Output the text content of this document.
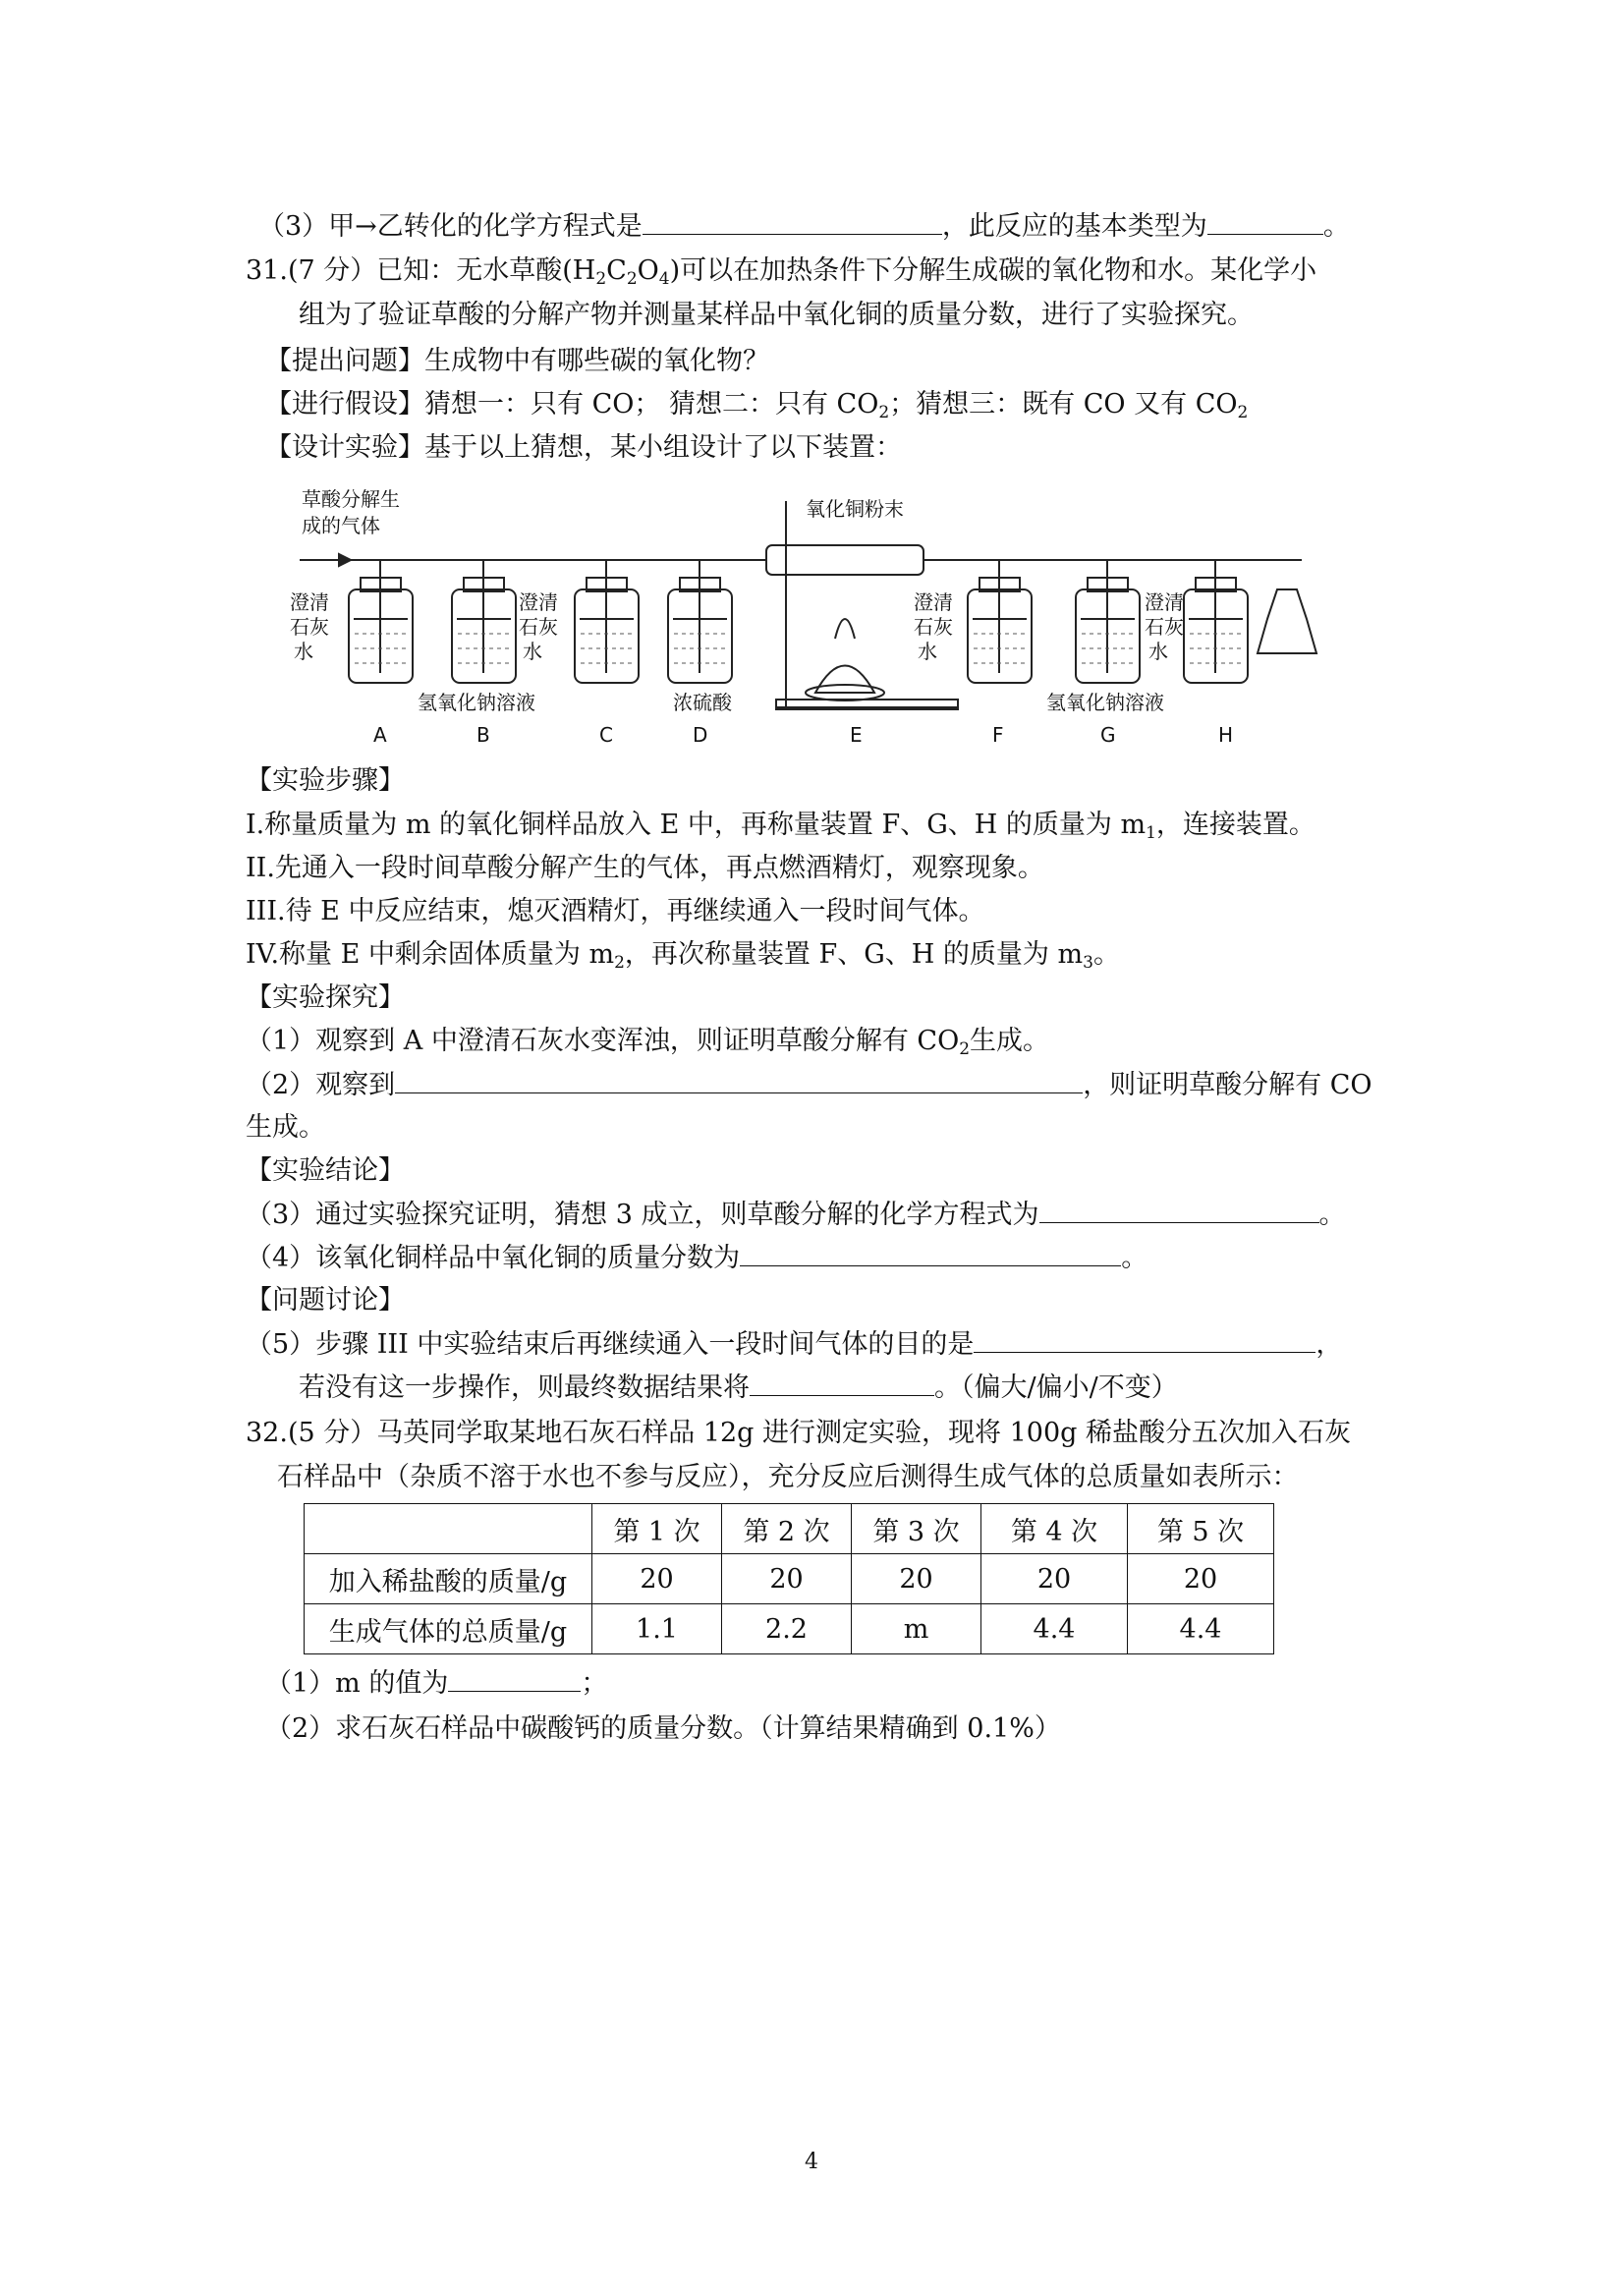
（3）甲→乙转化的化学方程式是	，此反应的基本类型为	。
31.(7 分）已知：无水草酸$(H_2C_2O_4)$可以在加热条件下分解生成碳的氧化物和水。某化学小
组为了验证草酸的分解产物并测量某样品中氧化铜的质量分数，进行了实验探究。
【提出问题】生成物中有哪些碳的氧化物？
【进行假设】猜想一：只有 CO； 猜想二：只有 $CO_2$；猜想三：既有 CO 又有 $CO_2$
【设计实验】基于以上猜想，某小组设计了以下装置：
草酸分解生
成的气体
氧化铜粉末
澄清
石灰
水
澄清
石灰
水
澄清
石灰
水
澄清
石灰
水
氢氧化钠溶液	浓硫酸	氢氧化钠溶液
A	B	C	D	E	F	G	H
【实验步骤】
I.称量质量为 m 的氧化铜样品放入 E 中，再称量装置 F、G、H 的质量为 $m_1$，连接装置。
II.先通入一段时间草酸分解产生的气体，再点燃酒精灯，观察现象。
III.待 E 中反应结束，熄灭酒精灯，再继续通入一段时间气体。
IV.称量 E 中剩余固体质量为 $m_2$，再次称量装置 F、G、H 的质量为 $m_3$。
【实验探究】
（1）观察到 A 中澄清石灰水变浑浊，则证明草酸分解有 $CO_2$生成。
（2）观察到	，则证明草酸分解有 CO
生成。
【实验结论】
（3）通过实验探究证明，猜想 3 成立，则草酸分解的化学方程式为	。
（4）该氧化铜样品中氧化铜的质量分数为	。
【问题讨论】
（5）步骤 III 中实验结束后再继续通入一段时间气体的目的是	，
若没有这一步操作，则最终数据结果将	。（偏大/偏小/不变）
32.(5 分）马英同学取某地石灰石样品 12g 进行测定实验，现将 100g 稀盐酸分五次加入石灰
石样品中（杂质不溶于水也不参与反应），充分反应后测得生成气体的总质量如表所示：
	第 1 次	第 2 次	第 3 次	第 4 次	第 5 次
加入稀盐酸的质量/g	20	20	20	20	20
生成气体的总质量/g	1.1	2.2	m	4.4	4.4
（1）m 的值为	；
（2）求石灰石样品中碳酸钙的质量分数。（计算结果精确到 0.1%）
4
